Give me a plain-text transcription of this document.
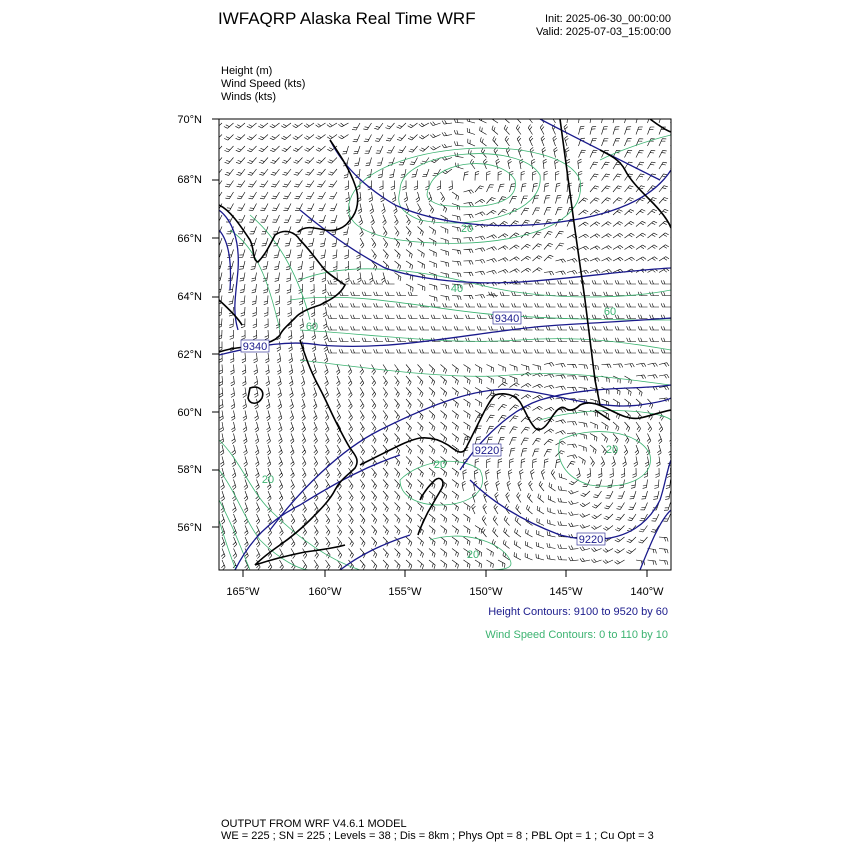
IWFAQRP Alaska Real Time WRF	Init: 2025-06-30_00:00:00
Valid: 2025-07-03_15:00:00
Height (m)
Wind Speed (kts)
Winds (kts)
70°N
68°N
66°N
64°N
62°N
60°N
58°N
56°N
165°W	160°W	155°W	150°W	145°W	140°W
9340
9340
9220
9220
20
40
60
60
20
20
20
20
Height Contours: 9100 to 9520 by 60
Wind Speed Contours: 0 to 110 by 10
OUTPUT FROM WRF V4.6.1 MODEL
WE = 225 ; SN = 225 ; Levels = 38 ; Dis = 8km ; Phys Opt = 8 ; PBL Opt = 1 ; Cu Opt = 3
